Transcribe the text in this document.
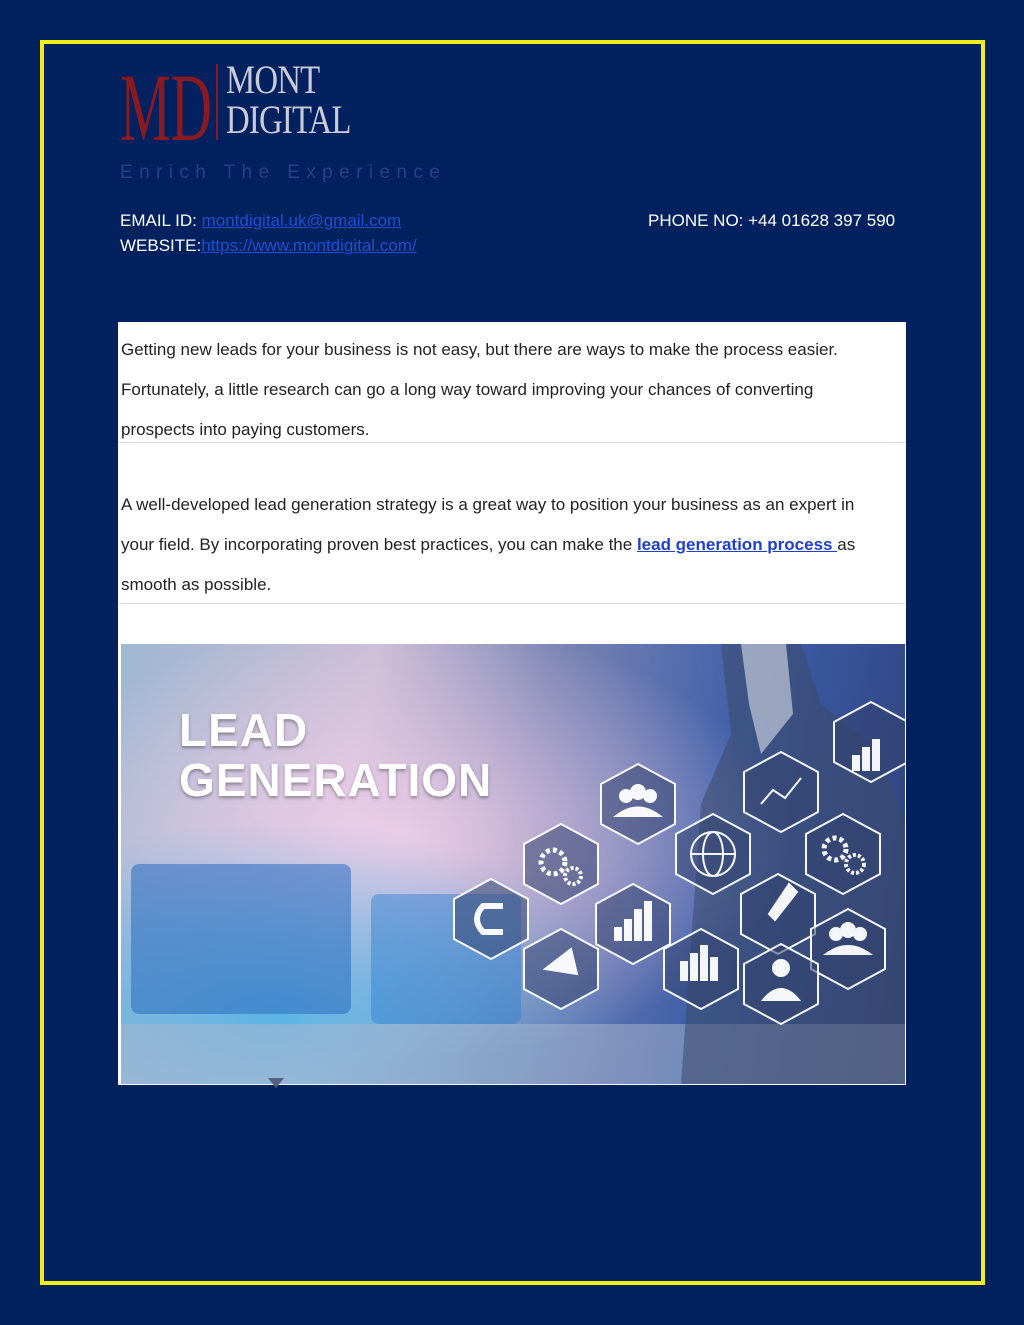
MD MONT
DIGITAL
Enrich The Experience
EMAIL ID: montdigital.uk@gmail.com
WEBSITE:https://www.montdigital.com/
PHONE NO: +44 01628 397 590
Getting new leads for your business is not easy, but there are ways to make the process easier. Fortunately, a little research can go a long way toward improving your chances of converting prospects into paying customers.
A well-developed lead generation strategy is a great way to position your business as an expert in your field. By incorporating proven best practices, you can make the lead generation process as smooth as possible.
LEAD
GENERATION
